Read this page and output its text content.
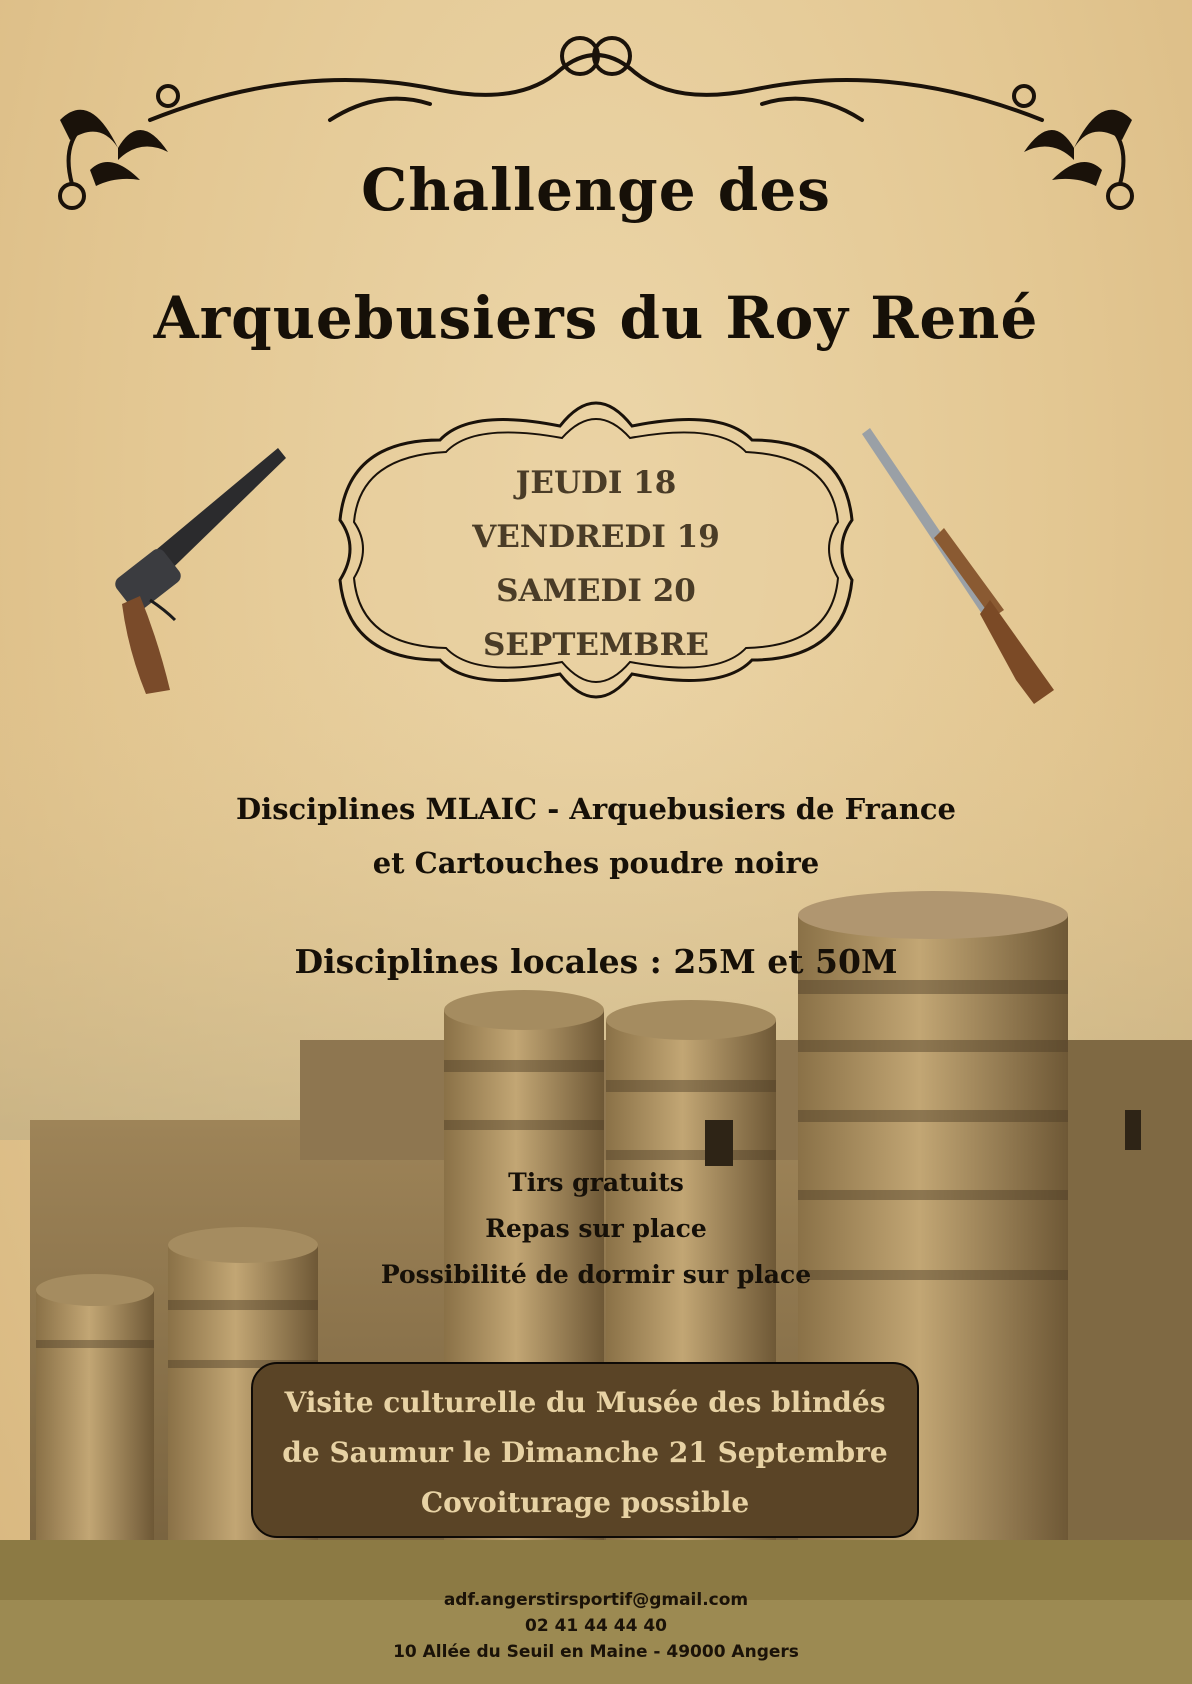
Challenge des
Arquebusiers du Roy René
JEUDI 18
VENDREDI 19
SAMEDI 20
SEPTEMBRE
Disciplines MLAIC - Arquebusiers de France
et Cartouches poudre noire
Disciplines locales : 25M et 50M
Tirs gratuits
Repas sur place
Possibilité de dormir sur place
Visite culturelle du Musée des blindés
de Saumur le Dimanche 21 Septembre
Covoiturage possible
adf.angerstirsportif@gmail.com
02 41 44 44 40
10 Allée du Seuil en Maine - 49000 Angers
